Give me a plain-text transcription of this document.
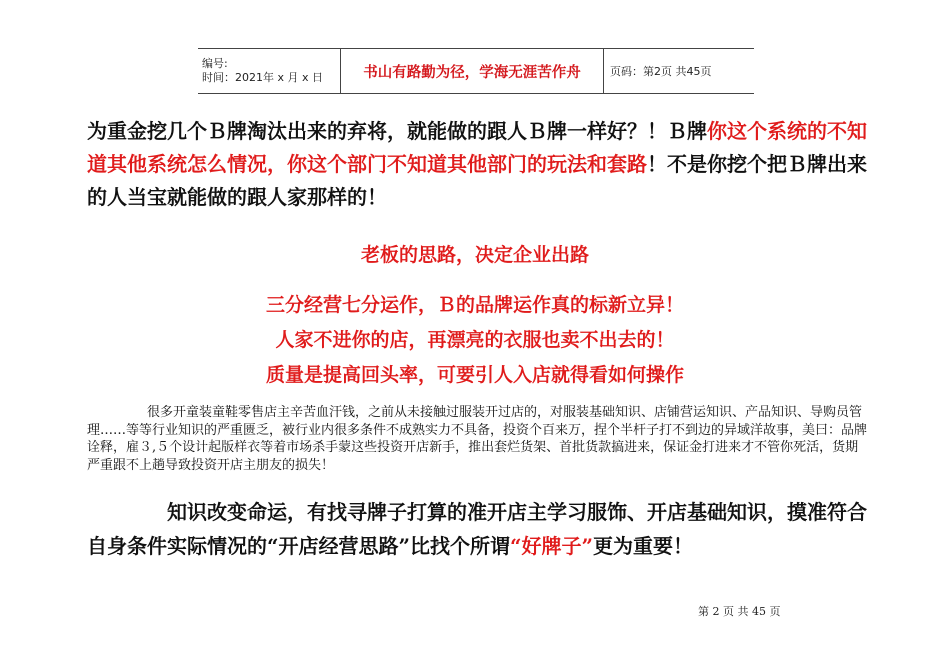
编号:
时间：2021年 x 月 x 日	书山有路勤为径，学海无涯苦作舟	页码：第2页 共45页
为重金挖几个Ｂ牌淘汰出来的弃将，就能做的跟人Ｂ牌一样好？！Ｂ牌你这个系统的不知道其他系统怎么情况，你这个部门不知道其他部门的玩法和套路！不是你挖个把Ｂ牌出来的人当宝就能做的跟人家那样的！
老板的思路，决定企业出路
三分经营七分运作，Ｂ的品牌运作真的标新立异！
人家不进你的店，再漂亮的衣服也卖不出去的！
质量是提高回头率，可要引人入店就得看如何操作
很多开童装童鞋零售店主辛苦血汗钱，之前从未接触过服装开过店的，对服装基础知识、店铺营运知识、产品知识、导购员管理……等等行业知识的严重匮乏，被行业内很多条件不成熟实力不具备，投资个百来万，捏个半杆子打不到边的异域洋故事，美曰：品牌诠释，雇３,５个设计起版样衣等着市场杀手蒙这些投资开店新手，推出套烂货架、首批货款搞进来，保证金打进来才不管你死活，货期严重跟不上趟导致投资开店主朋友的损失！
知识改变命运，有找寻牌子打算的准开店主学习服饰、开店基础知识，摸准符合自身条件实际情况的“开店经营思路”比找个所谓“好牌子”更为重要！
第 2 页 共 45 页
